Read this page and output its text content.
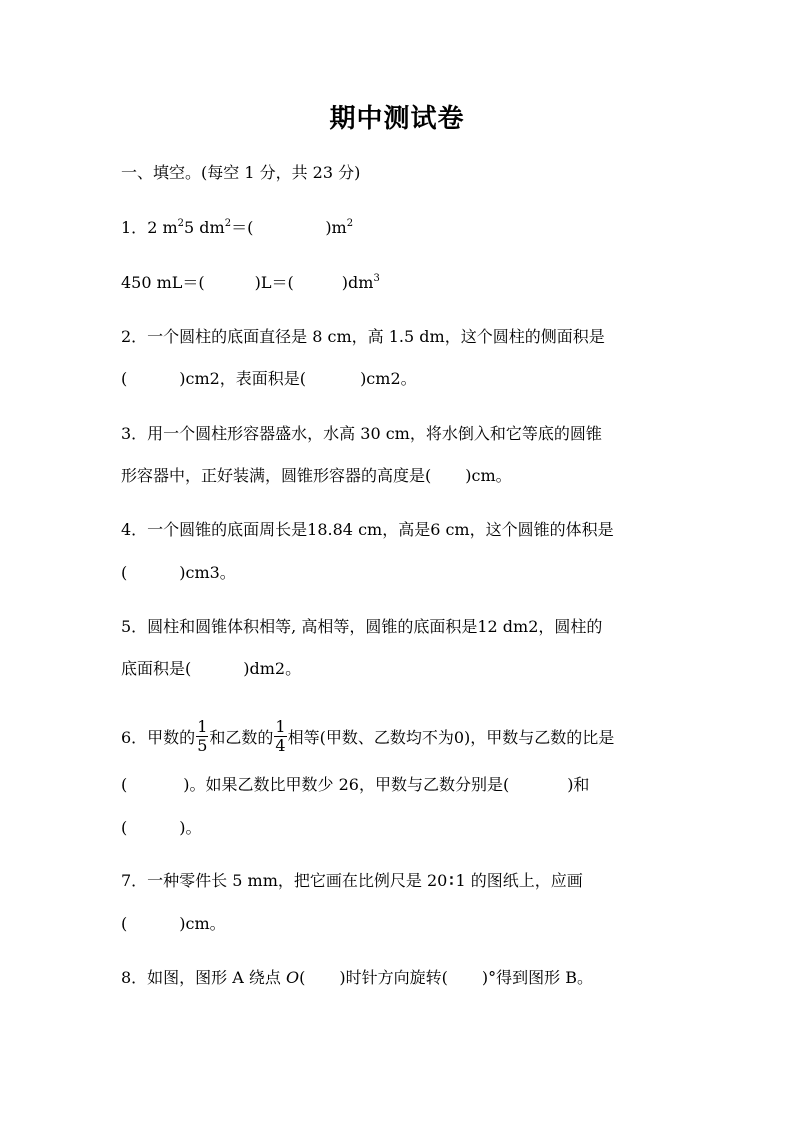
期中测试卷
一、填空。(每空 1 分，共 23 分)
1．2 $m^25$ $dm^2=$(	)$m^2$
450 mL＝(	)L＝(	)$dm^3$
2．一个圆柱的底面直径是 8 cm，高 1.5 dm，这个圆柱的侧面积是
(	)cm2，表面积是(	)cm2。
3．用一个圆柱形容器盛水，水高 30 cm，将水倒入和它等底的圆锥
形容器中，正好装满，圆锥形容器的高度是( )cm。
4．一个圆锥的底面周长是18.84 cm，高是6 cm，这个圆锥的体积是
(	)cm3。
5．圆柱和圆锥体积相等, 高相等，圆锥的底面积是12 dm2，圆柱的
底面积是(	)dm2。
6．甲数的 $\frac{1}{5}$ 和乙数的 $\frac{1}{4}$ 相等(甲数、乙数均不为0)，甲数与乙数的比是
(	)。如果乙数比甲数少 26，甲数与乙数分别是(	)和
(	)。
7．一种零件长 5 mm，把它画在比例尺是 20 ∶ 1 的图纸上，应画
(	)cm。
8．如图，图形 A 绕点 O( )时针方向旋转( )°得到图形 B。
